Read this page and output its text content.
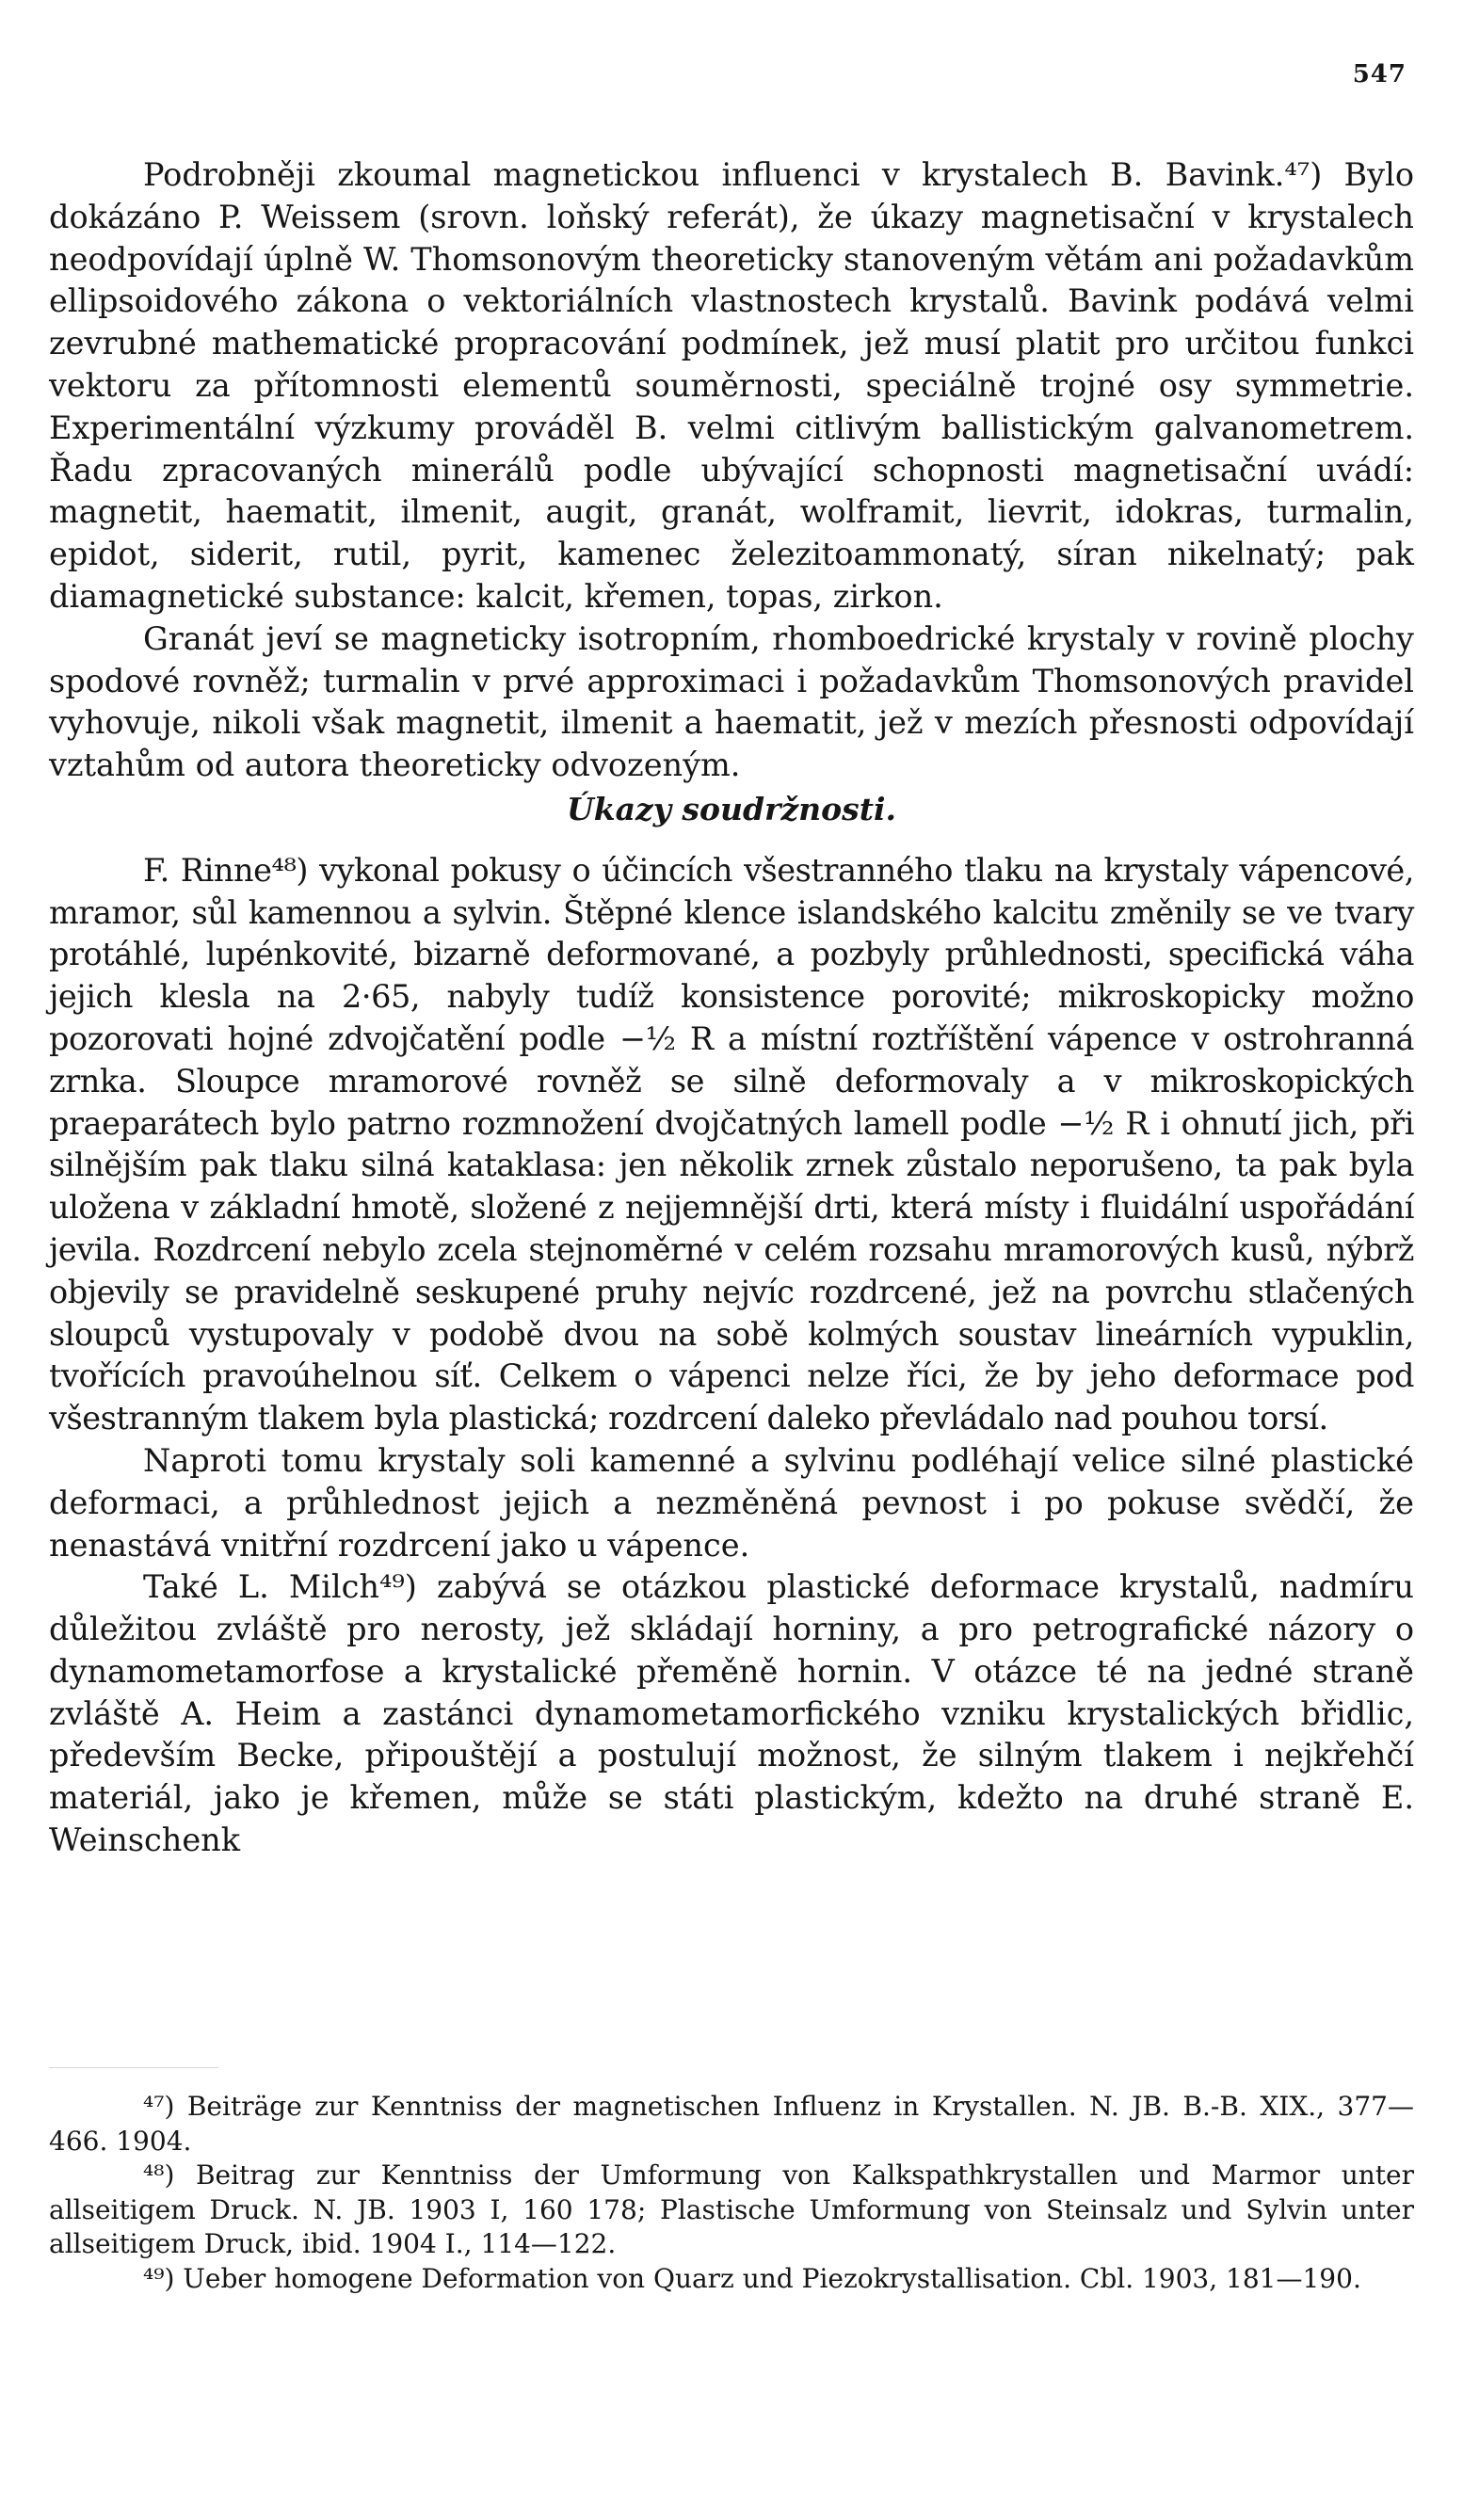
547

Podrobněji zkoumal magnetickou influenci v krystalech B. Bavink.⁴⁷) Bylo dokázáno P. Weissem (srovn. loňský referát), že úkazy magnetisační v krystalech neodpovídají úplně W. Thomsonovým theoreticky stanoveným větám ani požadavkům ellipsoidového zákona o vektoriálních vlastnostech krystalů. Bavink podává velmi zevrubné mathematické propracování podmínek, jež musí platit pro určitou funkci vektoru za přítomnosti elementů souměrnosti, speciálně trojné osy symmetrie. Experimentální výzkumy prováděl B. velmi citlivým ballistickým galvanometrem. Řadu zpracovaných minerálů podle ubývající schopnosti magnetisační uvádí: magnetit, haematit, ilmenit, augit, granát, wolframit, lievrit, idokras, turmalin, epidot, siderit, rutil, pyrit, kamenec železitoammonatý, síran nikelnatý; pak diamagnetické substance: kalcit, křemen, topas, zirkon.

Granát jeví se magneticky isotropním, rhomboedrické krystaly v rovině plochy spodové rovněž; turmalin v prvé approximaci i požadavkům Thomsonových pravidel vyhovuje, nikoli však magnetit, ilmenit a haematit, jež v mezích přesnosti odpovídají vztahům od autora theoreticky odvozeným.

Úkazy soudržnosti.

F. Rinne⁴⁸) vykonal pokusy o účincích všestranného tlaku na krystaly vápencové, mramor, sůl kamennou a sylvin. Štěpné klence islandského kalcitu změnily se ve tvary protáhlé, lupénkovité, bizarně deformované, a pozbyly průhlednosti, specifická váha jejich klesla na 2·65, nabyly tudíž konsistence porovité; mikroskopicky možno pozorovati hojné zdvojčatění podle −½ R a místní roztříštění vápence v ostrohranná zrnka. Sloupce mramorové rovněž se silně deformovaly a v mikroskopických praeparátech bylo patrno rozmnožení dvojčatných lamell podle −½ R i ohnutí jich, při silnějším pak tlaku silná kataklasa: jen několik zrnek zůstalo neporušeno, ta pak byla uložena v základní hmotě, složené z nejjemnější drti, která místy i fluidální uspořádání jevila. Rozdrcení nebylo zcela stejnoměrné v celém rozsahu mramorových kusů, nýbrž objevily se pravidelně seskupené pruhy nejvíc rozdrcené, jež na povrchu stlačených sloupců vystupovaly v podobě dvou na sobě kolmých soustav lineárních vypuklin, tvořících pravoúhelnou síť. Celkem o vápenci nelze říci, že by jeho deformace pod všestranným tlakem byla plastická; rozdrcení daleko převládalo nad pouhou torsí.

Naproti tomu krystaly soli kamenné a sylvinu podléhají velice silné plastické deformaci, a průhlednost jejich a nezměněná pevnost i po pokuse svědčí, že nenastává vnitřní rozdrcení jako u vápence.

Také L. Milch⁴⁹) zabývá se otázkou plastické deformace krystalů, nadmíru důležitou zvláště pro nerosty, jež skládají horniny, a pro petrografické názory o dynamometamorfose a krystalické přeměně hornin. V otázce té na jedné straně zvláště A. Heim a zastánci dynamometamorfického vzniku krystalických břidlic, především Becke, připouštějí a postulují možnost, že silným tlakem i nejkřehčí materiál, jako je křemen, může se státi plastickým, kdežto na druhé straně E. Weinschenk

⁴⁷) Beiträge zur Kenntniss der magnetischen Influenz in Krystallen. N. JB. B.-B. XIX., 377—466. 1904.

⁴⁸) Beitrag zur Kenntniss der Umformung von Kalkspathkrystallen und Marmor unter allseitigem Druck. N. JB. 1903 I, 160 178; Plastische Umformung von Steinsalz und Sylvin unter allseitigem Druck, ibid. 1904 I., 114—122.

⁴⁹) Ueber homogene Deformation von Quarz und Piezokrystallisation. Cbl. 1903, 181—190.
